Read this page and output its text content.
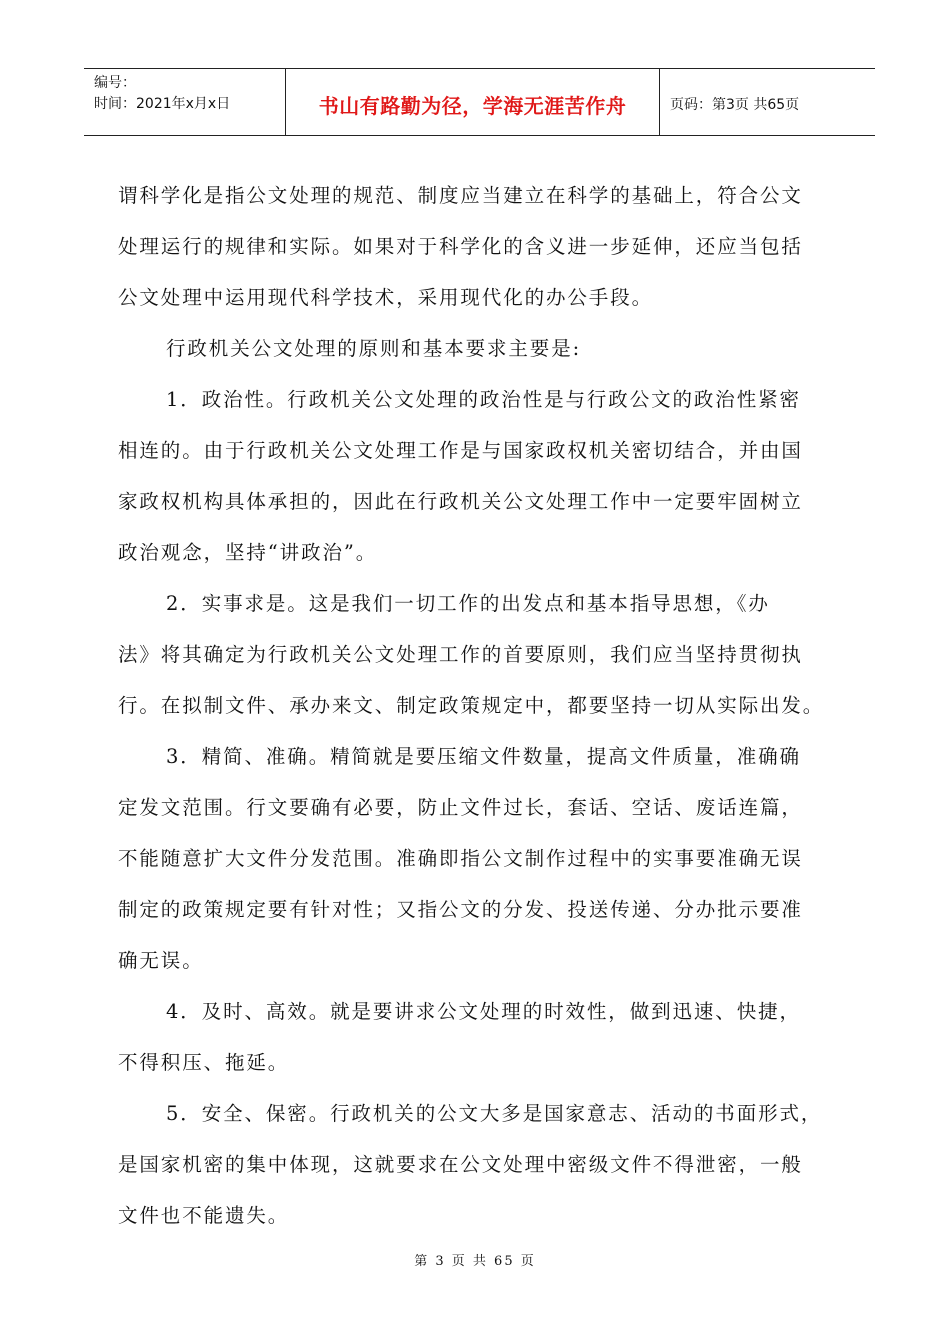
编号：
时间：2021年x月x日	书山有路勤为径，学海无涯苦作舟	页码：第3页 共65页
谓科学化是指公文处理的规范、制度应当建立在科学的基础上，符合公文
处理运行的规律和实际。如果对于科学化的含义进一步延伸，还应当包括
公文处理中运用现代科学技术，采用现代化的办公手段。
行政机关公文处理的原则和基本要求主要是:
1．政治性。行政机关公文处理的政治性是与行政公文的政治性紧密
相连的。由于行政机关公文处理工作是与国家政权机关密切结合，并由国
家政权机构具体承担的，因此在行政机关公文处理工作中一定要牢固树立
政治观念，坚持“讲政治”。
2．实事求是。这是我们一切工作的出发点和基本指导思想，《办
法》将其确定为行政机关公文处理工作的首要原则，我们应当坚持贯彻执
行。在拟制文件、承办来文、制定政策规定中，都要坚持一切从实际出发。
3．精简、准确。精简就是要压缩文件数量，提高文件质量，准确确
定发文范围。行文要确有必要，防止文件过长，套话、空话、废话连篇，
不能随意扩大文件分发范围。准确即指公文制作过程中的实事要准确无误
制定的政策规定要有针对性；又指公文的分发、投送传递、分办批示要准
确无误。
4．及时、高效。就是要讲求公文处理的时效性，做到迅速、快捷，
不得积压、拖延。
5．安全、保密。行政机关的公文大多是国家意志、活动的书面形式，
是国家机密的集中体现，这就要求在公文处理中密级文件不得泄密，一般
文件也不能遗失。
第 3 页 共 65 页
